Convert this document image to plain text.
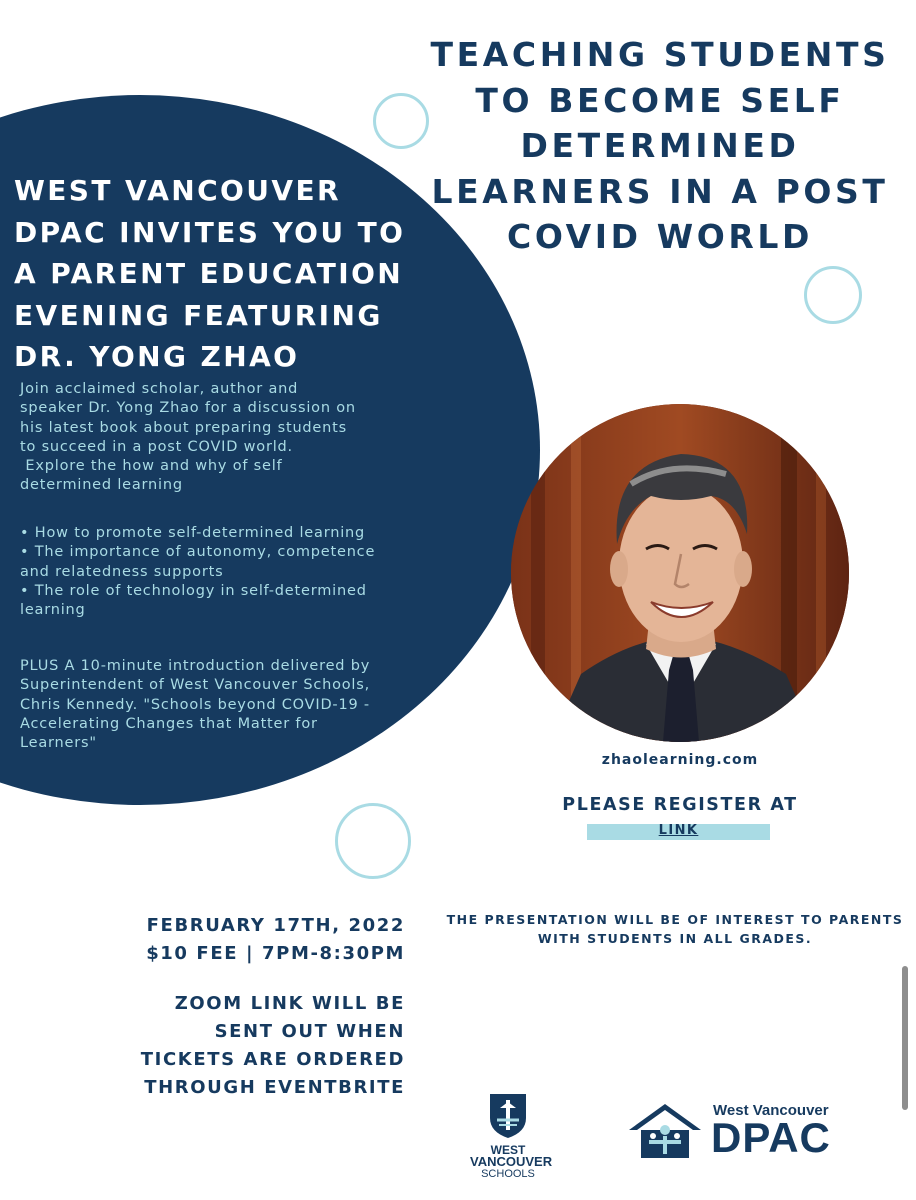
TEACHING STUDENTS
TO BECOME SELF
DETERMINED
LEARNERS IN A POST
COVID WORLD
WEST VANCOUVER
DPAC INVITES YOU TO
A PARENT EDUCATION
EVENING FEATURING
DR. YONG ZHAO

Join acclaimed scholar, author and
speaker Dr. Yong Zhao for a discussion on
his latest book about preparing students
to succeed in a post COVID world.
Explore the how and why of self
determined learning

• How to promote self-determined learning
• The importance of autonomy, competence
and relatedness supports
• The role of technology in self-determined
learning

PLUS A 10-minute introduction delivered by
Superintendent of West Vancouver Schools,
Chris Kennedy. "Schools beyond COVID-19 -
Accelerating Changes that Matter for
Learners"

zhaolearning.com
PLEASE REGISTER AT
LINK

FEBRUARY 17TH, 2022
$10 FEE | 7PM-8:30PM

ZOOM LINK WILL BE
SENT OUT WHEN
TICKETS ARE ORDERED
THROUGH EVENTBRITE

THE PRESENTATION WILL BE OF INTEREST TO PARENTS
WITH STUDENTS IN ALL GRADES.
WEST
VANCOUVER
SCHOOLS
West Vancouver
DPAC
